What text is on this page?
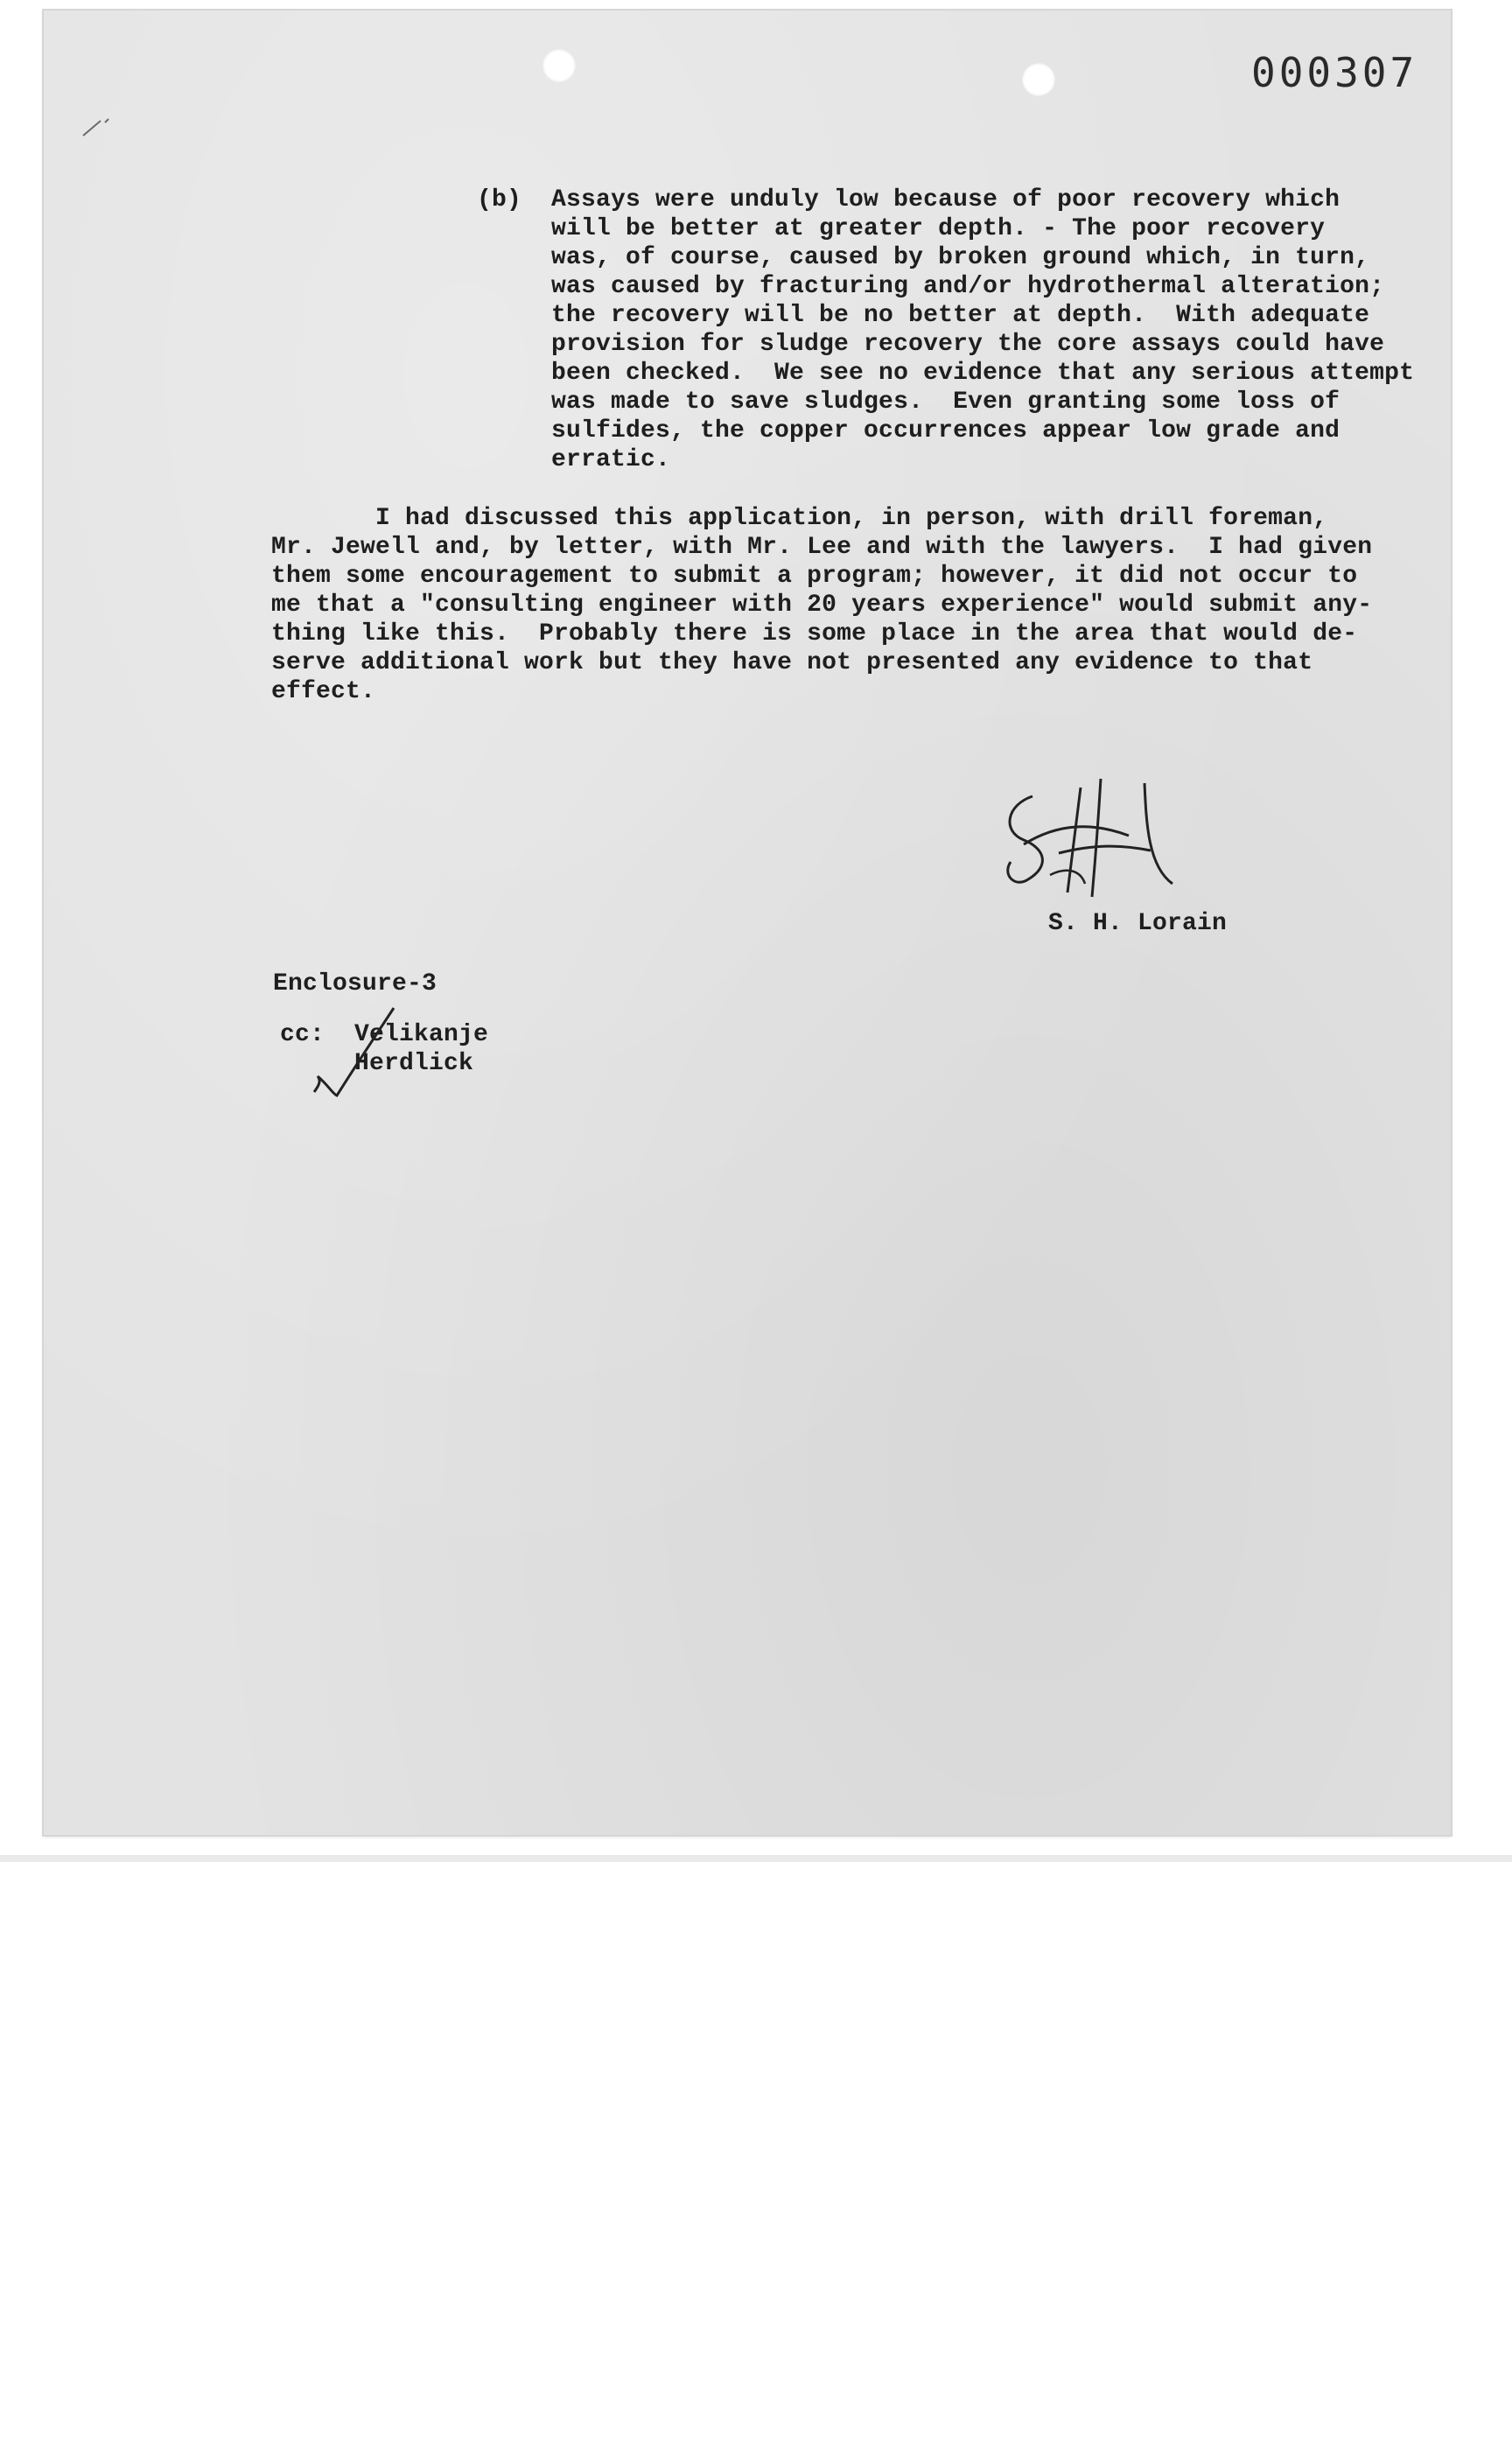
000307
(b) Assays were unduly low because of poor recovery which
will be better at greater depth. - The poor recovery
was, of course, caused by broken ground which, in turn,
was caused by fracturing and/or hydrothermal alteration;
the recovery will be no better at depth.  With adequate
provision for sludge recovery the core assays could have
been checked.  We see no evidence that any serious attempt
was made to save sludges.  Even granting some loss of
sulfides, the copper occurrences appear low grade and
erratic.
I had discussed this application, in person, with drill foreman,
Mr. Jewell and, by letter, with Mr. Lee and with the lawyers.  I had given
them some encouragement to submit a program; however, it did not occur to
me that a "consulting engineer with 20 years experience" would submit any-
thing like this.  Probably there is some place in the area that would de-
serve additional work but they have not presented any evidence to that
effect.
S. H. Lorain
Enclosure-3
cc: Velikanje
Herdlick
